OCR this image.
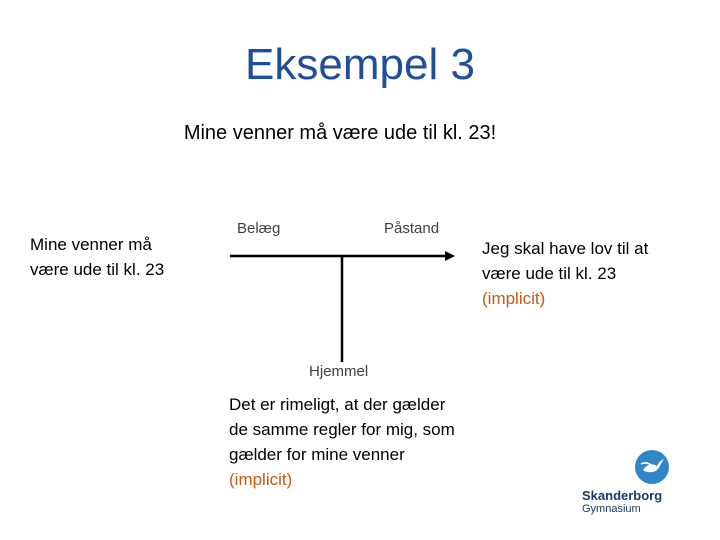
Eksempel 3
Mine venner må være ude til kl. 23!
Mine venner må
være ude til kl. 23
Belæg	Påstand
Jeg skal have lov til at
være ude til kl. 23
(implicit)
Hjemmel
Det er rimeligt, at der gælder
de samme regler for mig, som
gælder for mine venner
(implicit)
Skanderborg
Gymnasium
